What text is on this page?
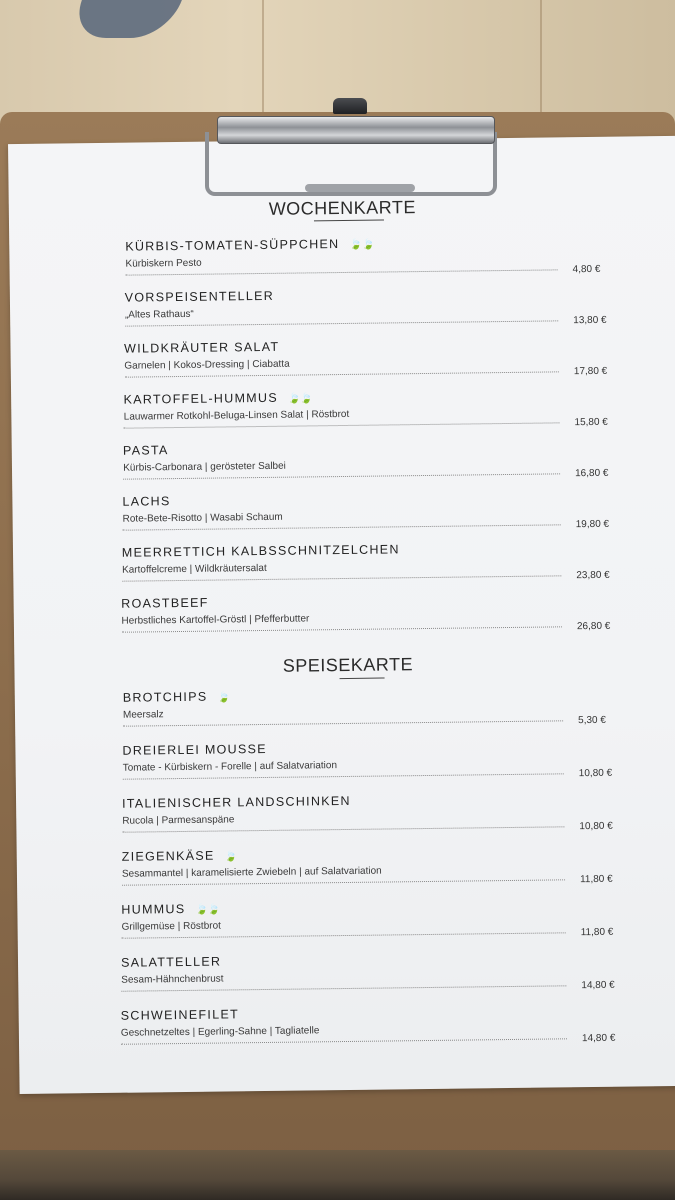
WOCHENKARTE
KÜRBIS-TOMATEN-SÜPPCHEN 🍃🍃
Kürbiskern Pesto	4,80 €
VORSPEISENTELLER
„Altes Rathaus“	13,80 €
WILDKRÄUTER SALAT
Garnelen | Kokos-Dressing | Ciabatta	17,80 €
KARTOFFEL-HUMMUS 🍃🍃
Lauwarmer Rotkohl-Beluga-Linsen Salat | Röstbrot	15,80 €
PASTA
Kürbis-Carbonara | gerösteter Salbei	16,80 €
LACHS
Rote-Bete-Risotto | Wasabi Schaum	19,80 €
MEERRETTICH KALBSSCHNITZELCHEN
Kartoffelcreme | Wildkräutersalat	23,80 €
ROASTBEEF
Herbstliches Kartoffel-Gröstl | Pfefferbutter	26,80 €
SPEISEKARTE
BROTCHIPS 🍃
Meersalz	5,30 €
DREIERLEI MOUSSE
Tomate - Kürbiskern - Forelle | auf Salatvariation	10,80 €
ITALIENISCHER LANDSCHINKEN
Rucola | Parmesanspäne	10,80 €
ZIEGENKÄSE 🍃
Sesammantel | karamelisierte Zwiebeln | auf Salatvariation	11,80 €
HUMMUS 🍃🍃
Grillgemüse | Röstbrot	11,80 €
SALATTELLER
Sesam-Hähnchenbrust	14,80 €
SCHWEINEFILET
Geschnetzeltes | Egerling-Sahne | Tagliatelle	14,80 €
